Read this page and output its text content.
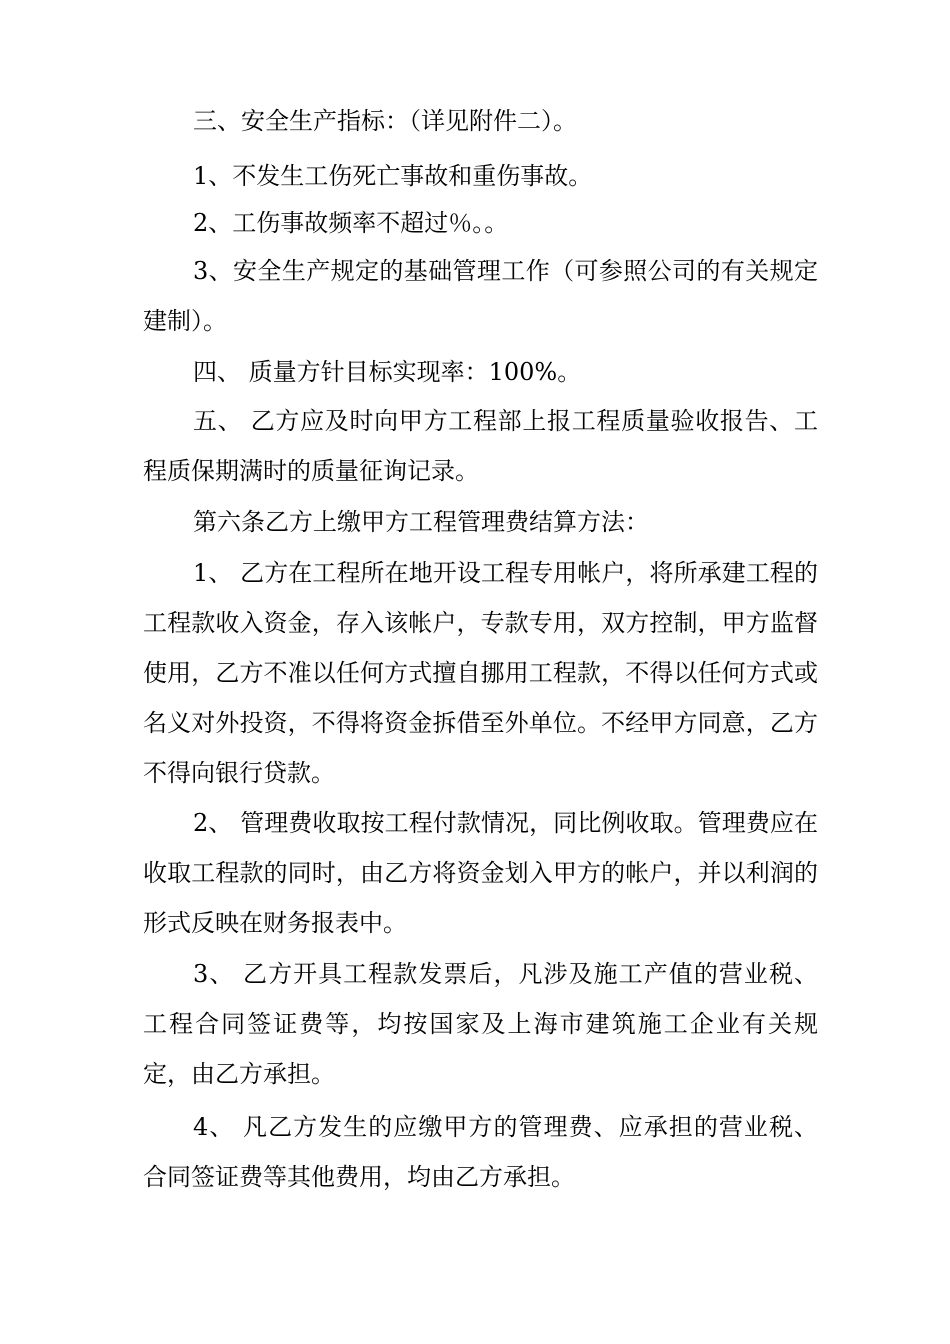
三、安全生产指标：（详见附件二）。

1、不发生工伤死亡事故和重伤事故。

2、工伤事故频率不超过％。。

3、安全生产规定的基础管理工作（可参照公司的有关规定建制）。

四、 质量方针目标实现率：100%。

五、 乙方应及时向甲方工程部上报工程质量验收报告、工程质保期满时的质量征询记录。

第六条乙方上缴甲方工程管理费结算方法：

1、 乙方在工程所在地开设工程专用帐户，将所承建工程的工程款收入资金，存入该帐户，专款专用，双方控制，甲方监督使用，乙方不准以任何方式擅自挪用工程款，不得以任何方式或名义对外投资，不得将资金拆借至外单位。不经甲方同意，乙方不得向银行贷款。

2、 管理费收取按工程付款情况，同比例收取。管理费应在收取工程款的同时，由乙方将资金划入甲方的帐户，并以利润的形式反映在财务报表中。

3、 乙方开具工程款发票后，凡涉及施工产值的营业税、 工程合同签证费等，均按国家及上海市建筑施工企业有关规 定，由乙方承担。

4、 凡乙方发生的应缴甲方的管理费、应承担的营业税、 合同签证费等其他费用，均由乙方承担。
